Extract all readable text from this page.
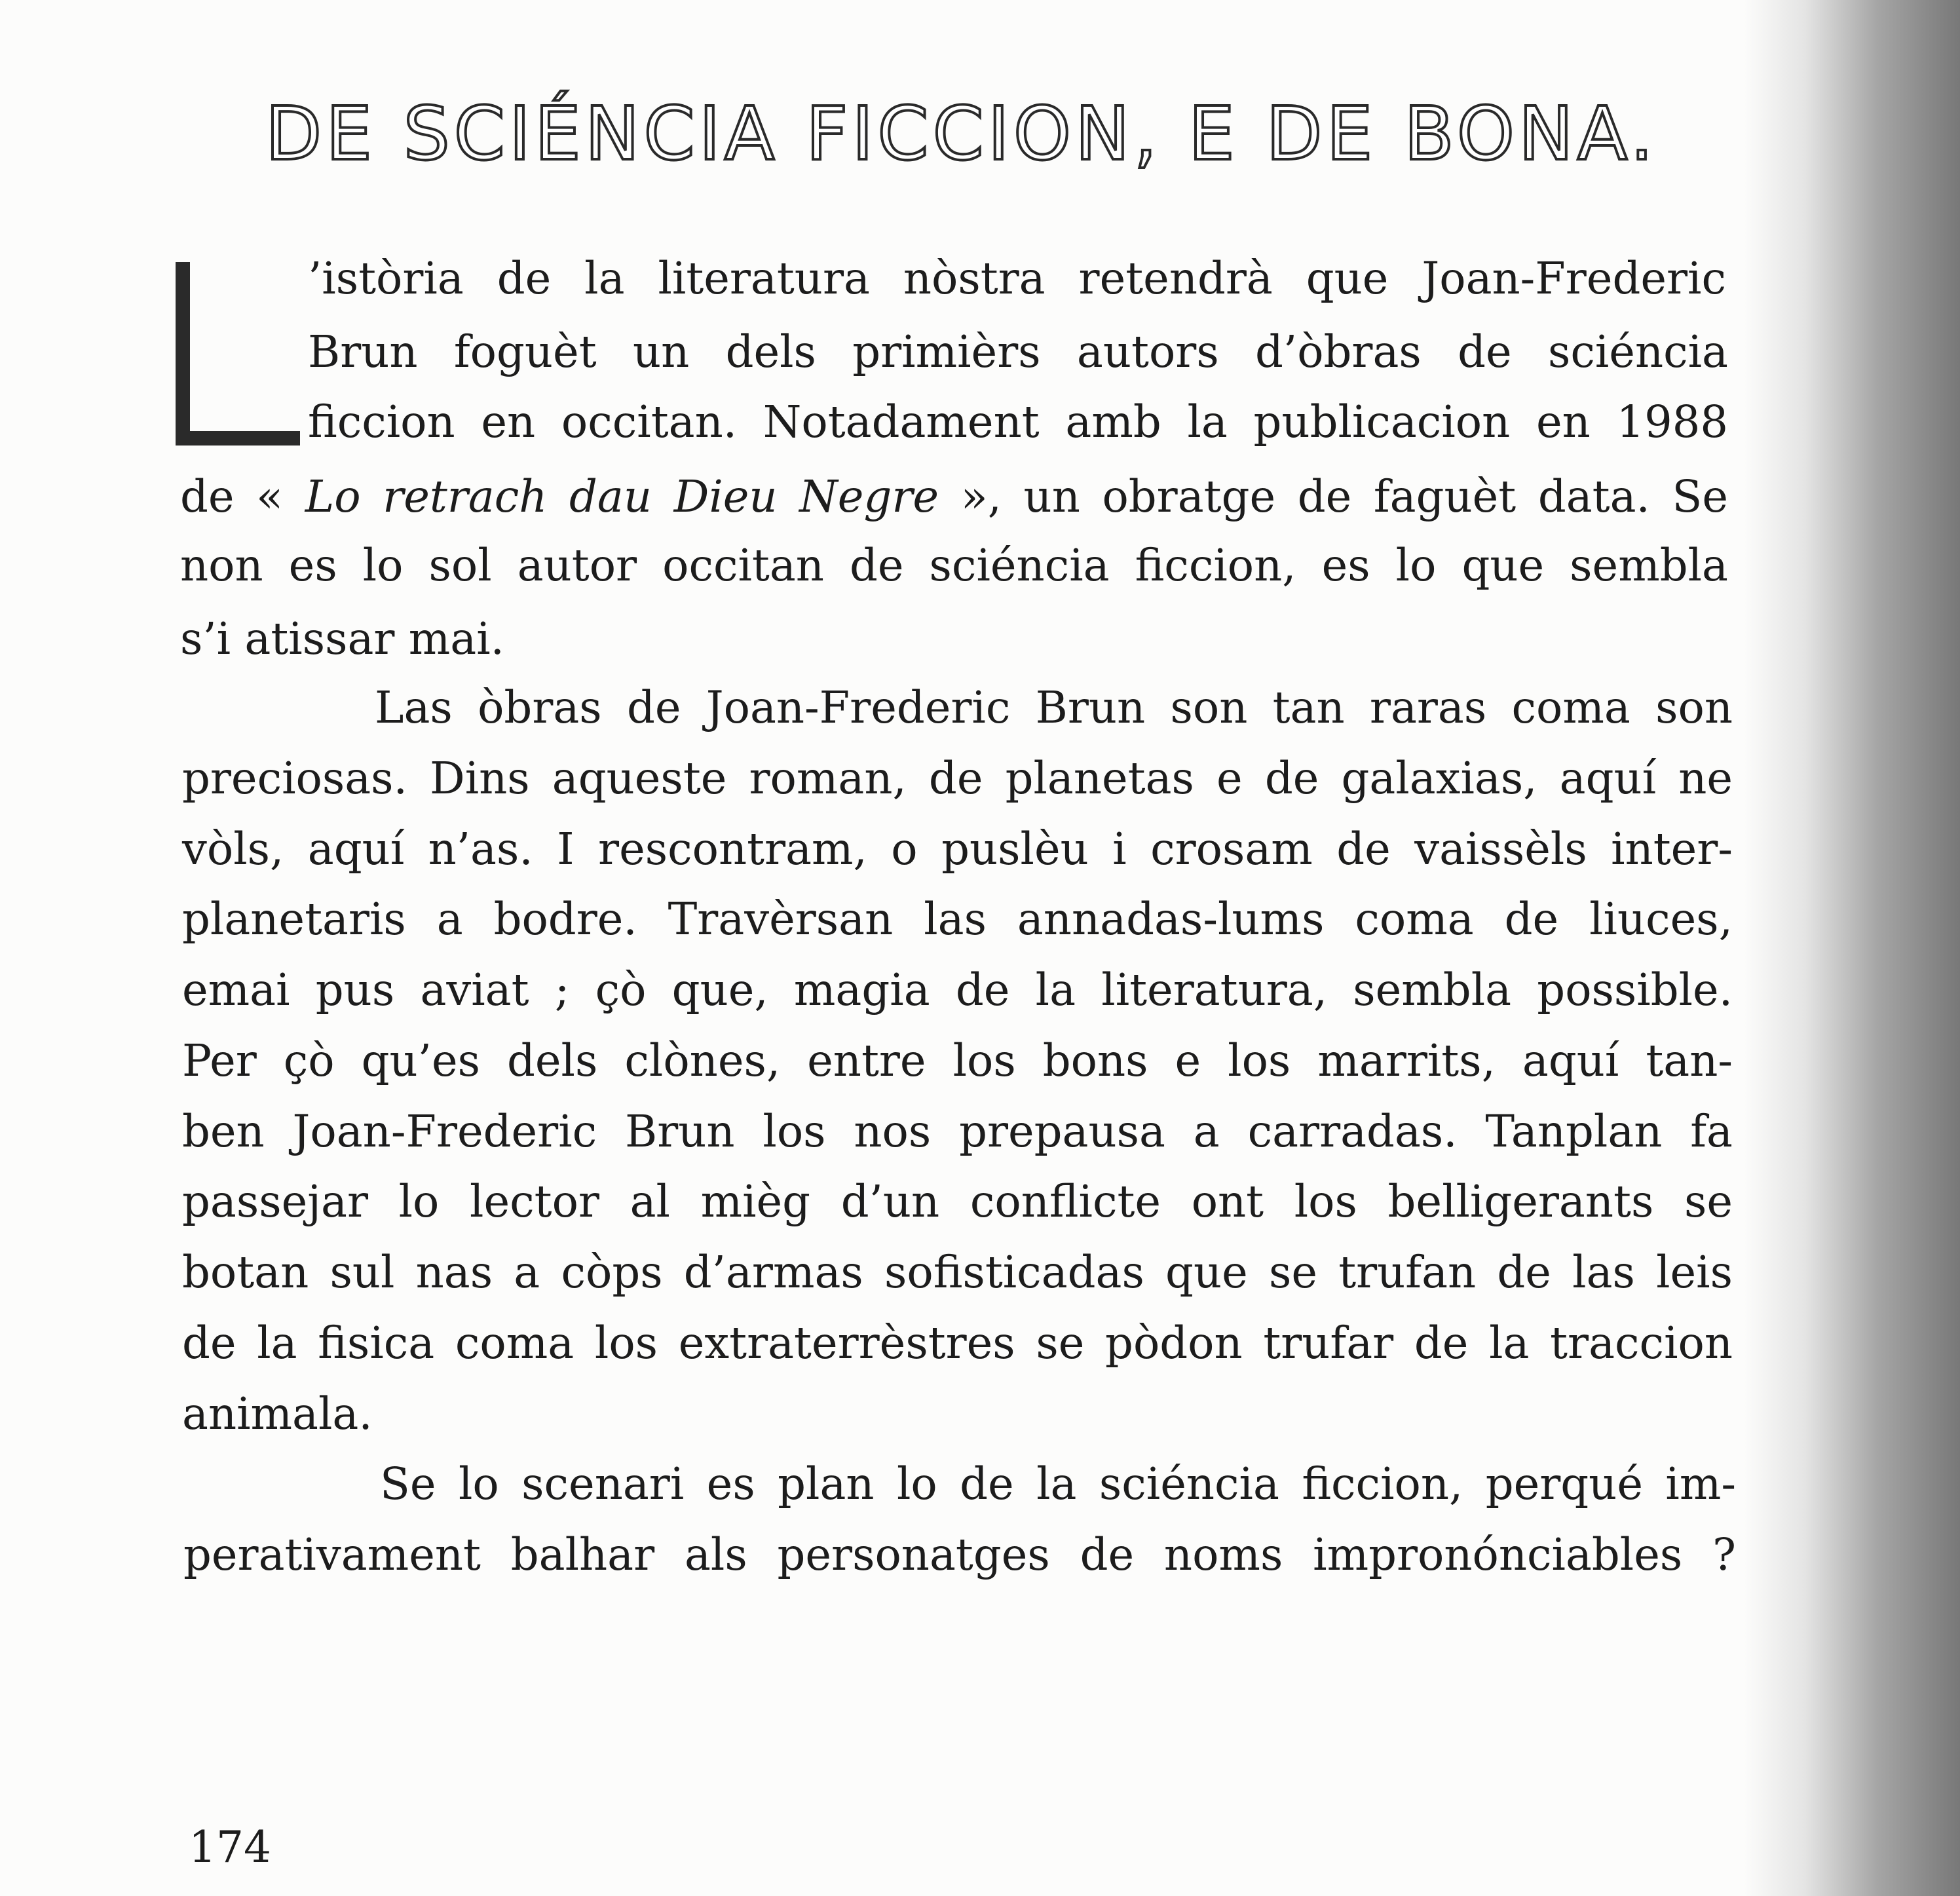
DE SCIÉNCIA FICCION, E DE BONA.

’istòria de la literatura nòstra retendrà que Joan-Frederic

Brun foguèt un dels primièrs autors d’òbras de sciéncia

ficcion en occitan. Notadament amb la publicacion en 1988

de « Lo retrach dau Dieu Negre », un obratge de faguèt data. Se

non es lo sol autor occitan de sciéncia ficcion, es lo que sembla

s’i atissar mai.

Las òbras de Joan-Frederic Brun son tan raras coma son

preciosas. Dins aqueste roman, de planetas e de galaxias, aquí ne

vòls, aquí n’as. I rescontram, o puslèu i crosam de vaissèls inter-

planetaris a bodre. Travèrsan las annadas-lums coma de liuces,

emai pus aviat ; çò que, magia de la literatura, sembla possible.

Per çò qu’es dels clònes, entre los bons e los marrits, aquí tan-

ben Joan-Frederic Brun los nos prepausa a carradas. Tanplan fa

passejar lo lector al mièg d’un conflicte ont los belligerants se

botan sul nas a còps d’armas sofisticadas que se trufan de las leis

de la fisica coma los extraterrèstres se pòdon trufar de la traccion

animala.

Se lo scenari es plan lo de la sciéncia ficcion, perqué im-

perativament balhar als personatges de noms impronónciables ?

174
